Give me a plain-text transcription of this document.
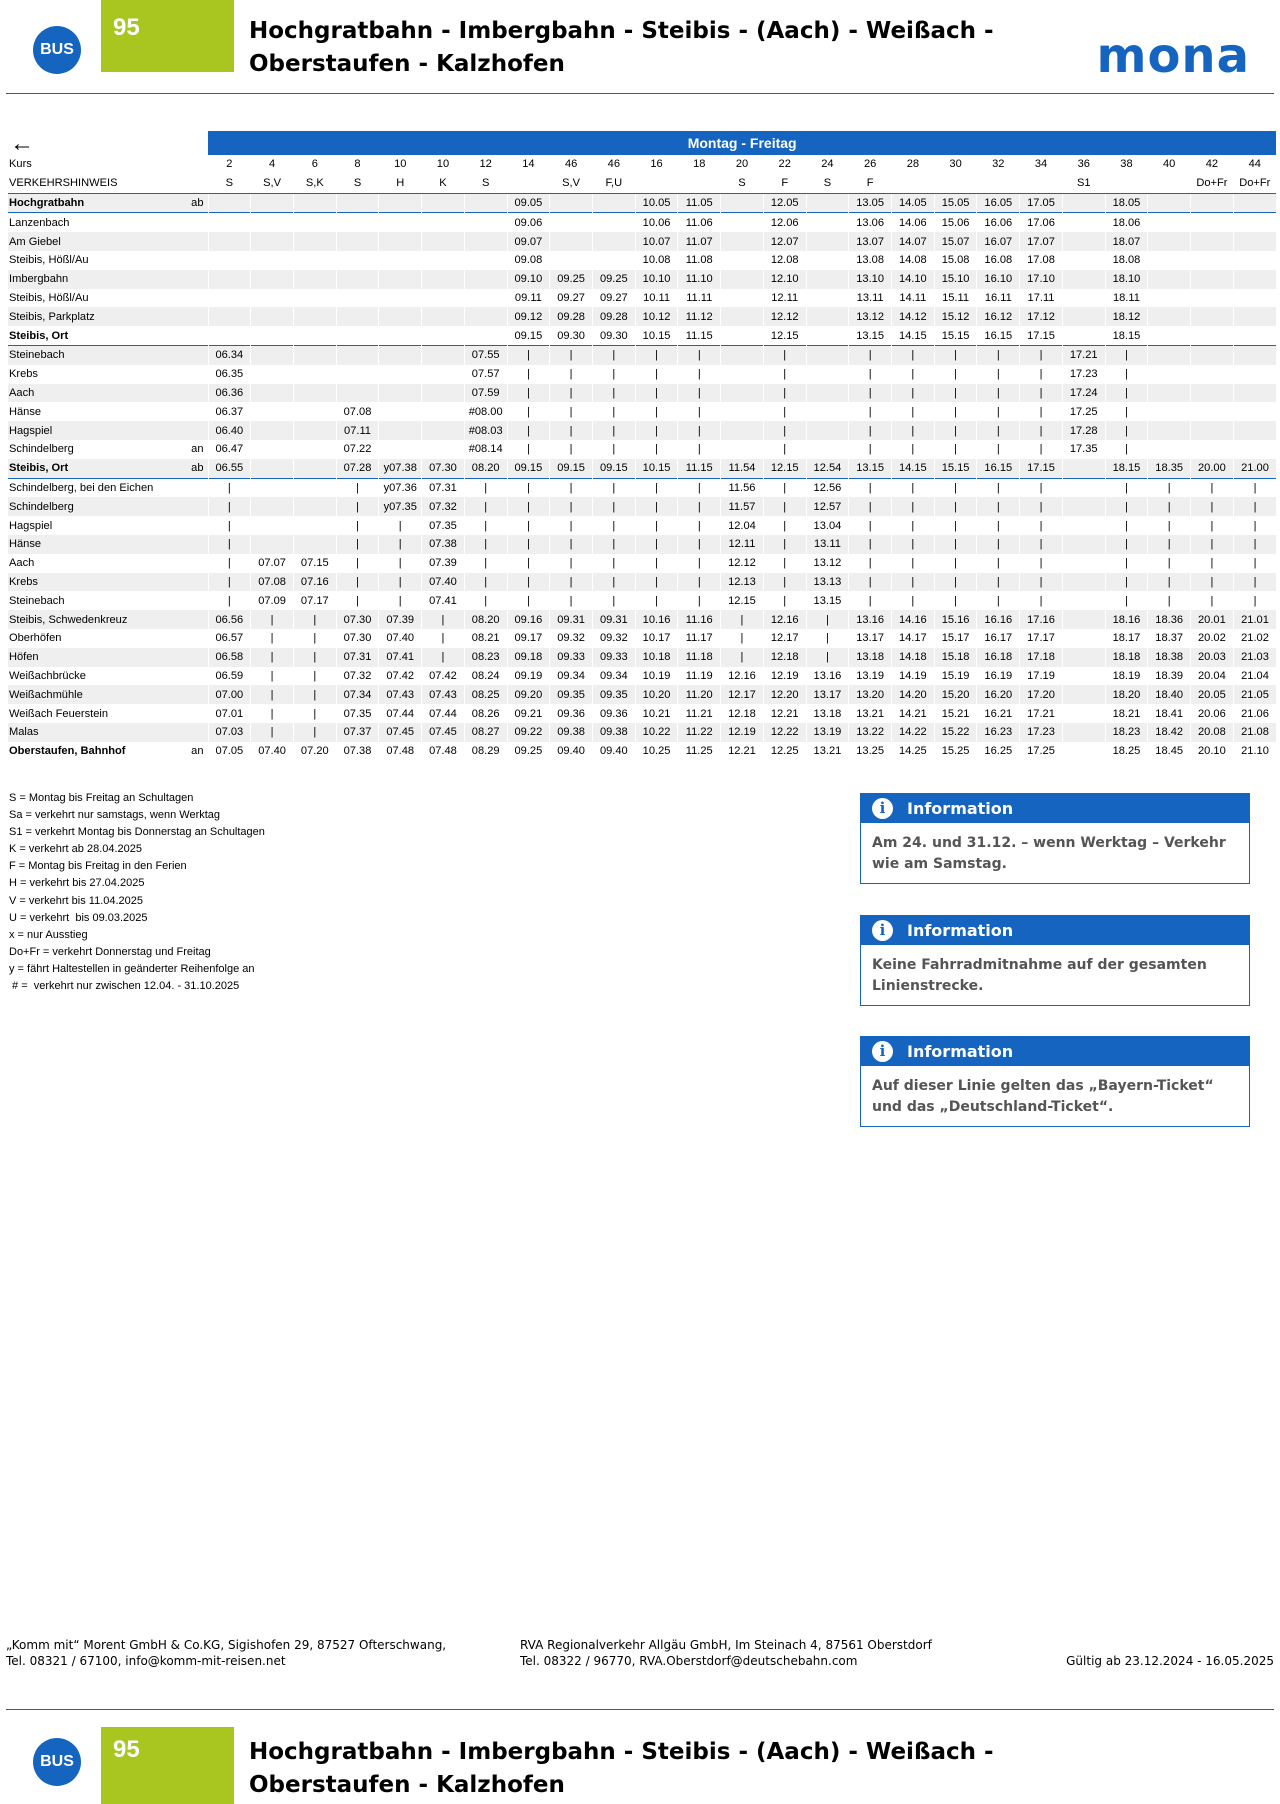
BUS
95	Hochgratbahn - Imbergbahn - Steibis - (Aach) - Weißach -
Oberstaufen - Kalzhofen	mona
←
			Montag - Freitag																								
Kurs		2	4	6	8	10	10	12	14	46	46	16	18	20	22	24	26	28	30	32	34	36	38	40	42	44
VERKEHRSHINWEIS		S	S,V	S,K	S	H	K	S		S,V	F,U			S	F	S	F					S1			Do+Fr	Do+Fr
Hochgratbahn	ab								09.05			10.05	11.05		12.05		13.05	14.05	15.05	16.05	17.05		18.05			
Lanzenbach									09.06			10.06	11.06		12.06		13.06	14.06	15.06	16.06	17.06		18.06			
Am Giebel									09.07			10.07	11.07		12.07		13.07	14.07	15.07	16.07	17.07		18.07			
Steibis, Hößl/Au									09.08			10.08	11.08		12.08		13.08	14.08	15.08	16.08	17.08		18.08			
Imbergbahn									09.10	09.25	09.25	10.10	11.10		12.10		13.10	14.10	15.10	16.10	17.10		18.10			
Steibis, Hößl/Au									09.11	09.27	09.27	10.11	11.11		12.11		13.11	14.11	15.11	16.11	17.11		18.11			
Steibis, Parkplatz									09.12	09.28	09.28	10.12	11.12		12.12		13.12	14.12	15.12	16.12	17.12		18.12			
Steibis, Ort									09.15	09.30	09.30	10.15	11.15		12.15		13.15	14.15	15.15	16.15	17.15		18.15			
Steinebach		06.34						07.55	|	|	|	|	|		|		|	|	|	|	|	17.21	|			
Krebs		06.35						07.57	|	|	|	|	|		|		|	|	|	|	|	17.23	|			
Aach		06.36						07.59	|	|	|	|	|		|		|	|	|	|	|	17.24	|			
Hänse		06.37			07.08			#08.00	|	|	|	|	|		|		|	|	|	|	|	17.25	|			
Hagspiel		06.40			07.11			#08.03	|	|	|	|	|		|		|	|	|	|	|	17.28	|			
Schindelberg	an	06.47			07.22			#08.14	|	|	|	|	|		|		|	|	|	|	|	17.35	|			
Steibis, Ort	ab	06.55			07.28	y07.38	07.30	08.20	09.15	09.15	09.15	10.15	11.15	11.54	12.15	12.54	13.15	14.15	15.15	16.15	17.15		18.15	18.35	20.00	21.00
Schindelberg, bei den Eichen		|			|	y07.36	07.31	|	|	|	|	|	|	11.56	|	12.56	|	|	|	|	|		|	|	|	|
Schindelberg		|			|	y07.35	07.32	|	|	|	|	|	|	11.57	|	12.57	|	|	|	|	|		|	|	|	|
Hagspiel		|			|	|	07.35	|	|	|	|	|	|	12.04	|	13.04	|	|	|	|	|		|	|	|	|
Hänse		|			|	|	07.38	|	|	|	|	|	|	12.11	|	13.11	|	|	|	|	|		|	|	|	|
Aach		|	07.07	07.15	|	|	07.39	|	|	|	|	|	|	12.12	|	13.12	|	|	|	|	|		|	|	|	|
Krebs		|	07.08	07.16	|	|	07.40	|	|	|	|	|	|	12.13	|	13.13	|	|	|	|	|		|	|	|	|
Steinebach		|	07.09	07.17	|	|	07.41	|	|	|	|	|	|	12.15	|	13.15	|	|	|	|	|		|	|	|	|
Steibis, Schwedenkreuz		06.56	|	|	07.30	07.39	|	08.20	09.16	09.31	09.31	10.16	11.16	|	12.16	|	13.16	14.16	15.16	16.16	17.16		18.16	18.36	20.01	21.01
Oberhöfen		06.57	|	|	07.30	07.40	|	08.21	09.17	09.32	09.32	10.17	11.17	|	12.17	|	13.17	14.17	15.17	16.17	17.17		18.17	18.37	20.02	21.02
Höfen		06.58	|	|	07.31	07.41	|	08.23	09.18	09.33	09.33	10.18	11.18	|	12.18	|	13.18	14.18	15.18	16.18	17.18		18.18	18.38	20.03	21.03
Weißachbrücke		06.59	|	|	07.32	07.42	07.42	08.24	09.19	09.34	09.34	10.19	11.19	12.16	12.19	13.16	13.19	14.19	15.19	16.19	17.19		18.19	18.39	20.04	21.04
Weißachmühle		07.00	|	|	07.34	07.43	07.43	08.25	09.20	09.35	09.35	10.20	11.20	12.17	12.20	13.17	13.20	14.20	15.20	16.20	17.20		18.20	18.40	20.05	21.05
Weißach Feuerstein		07.01	|	|	07.35	07.44	07.44	08.26	09.21	09.36	09.36	10.21	11.21	12.18	12.21	13.18	13.21	14.21	15.21	16.21	17.21		18.21	18.41	20.06	21.06
Malas		07.03	|	|	07.37	07.45	07.45	08.27	09.22	09.38	09.38	10.22	11.22	12.19	12.22	13.19	13.22	14.22	15.22	16.23	17.23		18.23	18.42	20.08	21.08
Oberstaufen, Bahnhof	an	07.05	07.40	07.20	07.38	07.48	07.48	08.29	09.25	09.40	09.40	10.25	11.25	12.21	12.25	13.21	13.25	14.25	15.25	16.25	17.25		18.25	18.45	20.10	21.10
S = Montag bis Freitag an Schultagen
Sa = verkehrt nur samstags, wenn Werktag
S1 = verkehrt Montag bis Donnerstag an Schultagen
K = verkehrt ab 28.04.2025
F = Montag bis Freitag in den Ferien
H = verkehrt bis 27.04.2025
V = verkehrt bis 11.04.2025
U = verkehrt  bis 09.03.2025
x = nur Ausstieg
Do+Fr = verkehrt Donnerstag und Freitag
y = fährt Haltestellen in geänderter Reihenfolge an
# =  verkehrt nur zwischen 12.04. - 31.10.2025
i	Information
Am 24. und 31.12. – wenn Werktag – Verkehr wie am Samstag.
i	Information
Keine Fahrradmitnahme auf der gesamten Linienstrecke.
i	Information
Auf dieser Linie gelten das „Bayern-Ticket“ und das „Deutschland-Ticket“.
„Komm mit“ Morent GmbH & Co.KG, Sigishofen 29, 87527 Ofterschwang,
Tel. 08321 / 67100, info@komm-mit-reisen.net
RVA Regionalverkehr Allgäu GmbH, Im Steinach 4, 87561 Oberstdorf
Tel. 08322 / 96770, RVA.Oberstdorf@deutschebahn.com	Gültig ab 23.12.2024 - 16.05.2025
BUS	95	Hochgratbahn - Imbergbahn - Steibis - (Aach) - Weißach -
Oberstaufen - Kalzhofen
